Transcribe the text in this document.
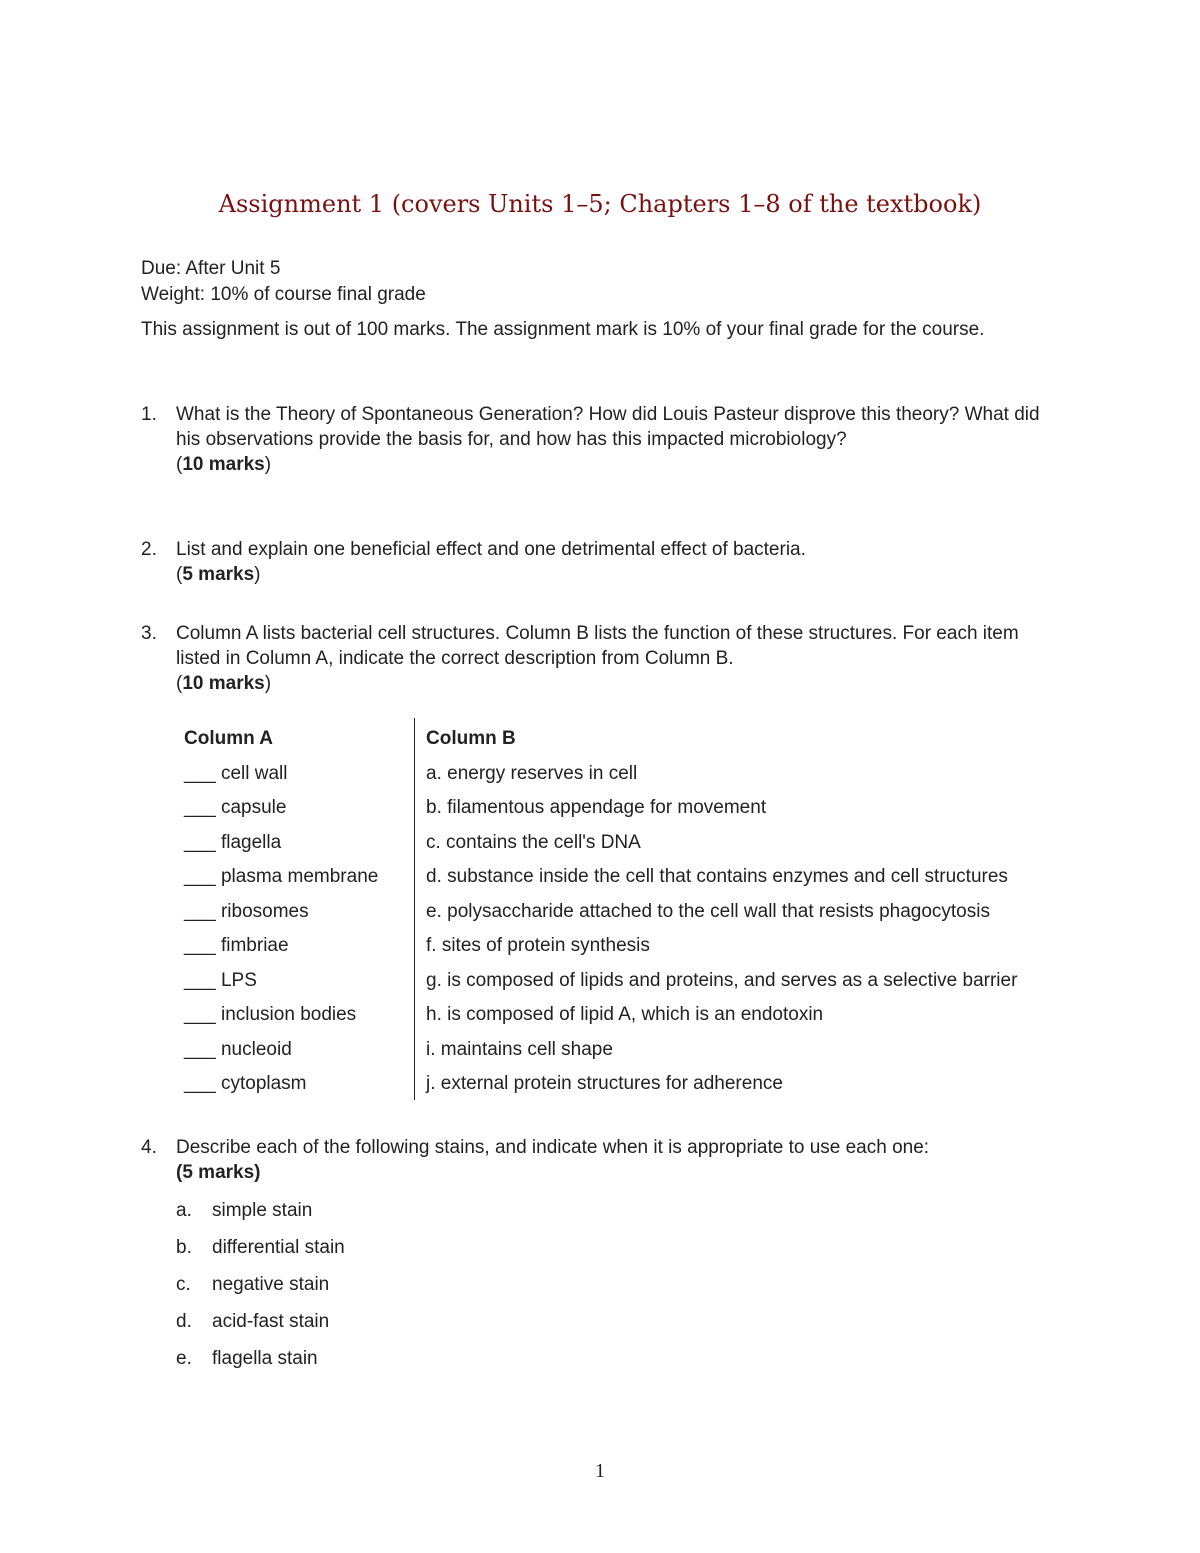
Assignment 1 (covers Units 1–5; Chapters 1–8 of the textbook)
Due: After Unit 5
Weight: 10% of course final grade
This assignment is out of 100 marks. The assignment mark is 10% of your final grade for the course.
1.	What is the Theory of Spontaneous Generation? How did Louis Pasteur disprove this theory? What did his observations provide the basis for, and how has this impacted microbiology?
(10 marks)
2.	List and explain one beneficial effect and one detrimental effect of bacteria.
(5 marks)
3.	Column A lists bacterial cell structures. Column B lists the function of these structures. For each item listed in Column A, indicate the correct description from Column B.
(10 marks)
Column A	Column B
___ cell wall	a. energy reserves in cell
___ capsule	b. filamentous appendage for movement
___ flagella	c. contains the cell's DNA
___ plasma membrane	d. substance inside the cell that contains enzymes and cell structures
___ ribosomes	e. polysaccharide attached to the cell wall that resists phagocytosis
___ fimbriae	f. sites of protein synthesis
___ LPS	g. is composed of lipids and proteins, and serves as a selective barrier
___ inclusion bodies	h. is composed of lipid A, which is an endotoxin
___ nucleoid	i. maintains cell shape
___ cytoplasm	j. external protein structures for adherence
4.	Describe each of the following stains, and indicate when it is appropriate to use each one:
(5 marks)
a.	simple stain
b.	differential stain
c.	negative stain
d.	acid-fast stain
e.	flagella stain
1
